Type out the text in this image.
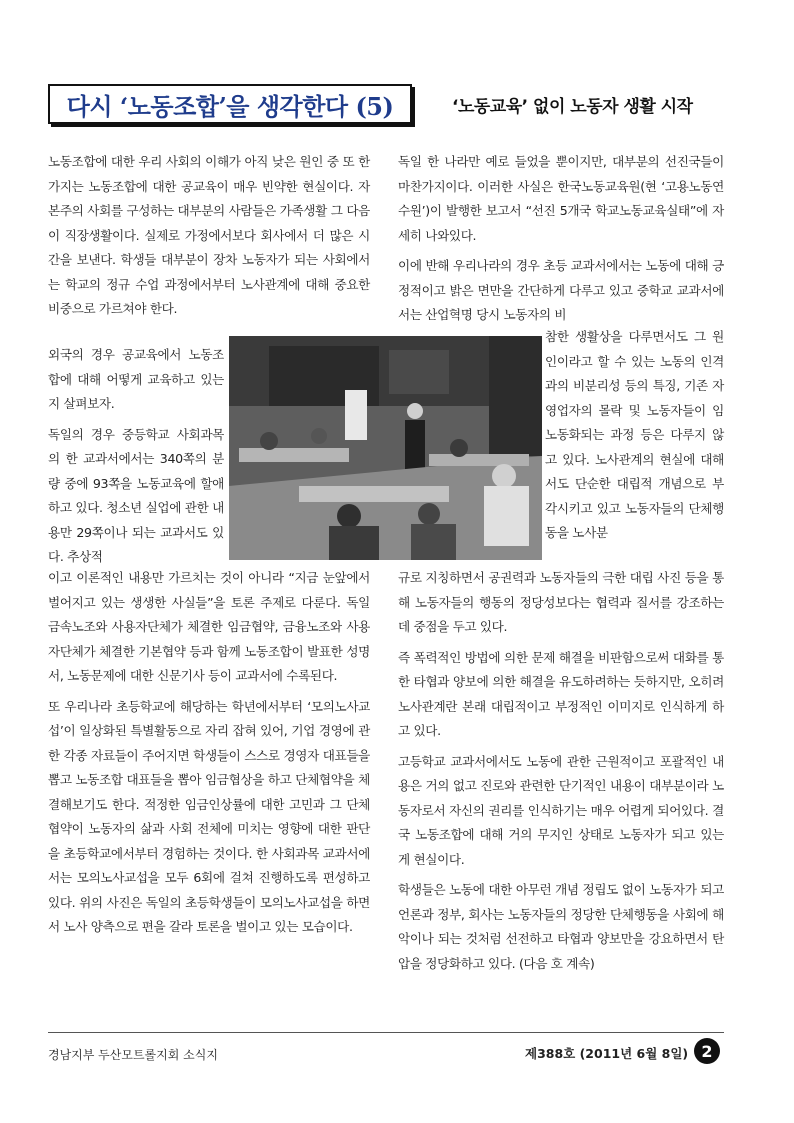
다시 ‘노동조합’을 생각한다 (5)	‘노동교육’ 없이 노동자 생활 시작

노동조합에 대한 우리 사회의 이해가 아직 낮은 원인 중 또 한 가지는 노동조합에 대한 공교육이 매우 빈약한 현실이다. 자본주의 사회를 구성하는 대부분의 사람들은 가족생활 그 다음이 직장생활이다. 실제로 가정에서보다 회사에서 더 많은 시간을 보낸다. 학생들 대부분이 장차 노동자가 되는 사회에서는 학교의 정규 수업 과정에서부터 노사관계에 대해 중요한 비중으로 가르쳐야 한다.

외국의 경우 공교육에서 노동조합에 대해 어떻게 교육하고 있는지 살펴보자.

독일의 경우 중등학교 사회과목의 한 교과서에서는 340쪽의 분량 중에 93쪽을 노동교육에 할애하고 있다. 청소년 실업에 관한 내용만 29쪽이나 되는 교과서도 있다. 추상적

이고 이론적인 내용만 가르치는 것이 아니라 “지금 눈앞에서 벌어지고 있는 생생한 사실들”을 토론 주제로 다룬다. 독일 금속노조와 사용자단체가 체결한 임금협약, 금융노조와 사용자단체가 체결한 기본협약 등과 함께 노동조합이 발표한 성명서, 노동문제에 대한 신문기사 등이 교과서에 수록된다.

또 우리나라 초등학교에 해당하는 학년에서부터 ‘모의노사교섭’이 일상화된 특별활동으로 자리 잡혀 있어, 기업 경영에 관한 각종 자료들이 주어지면 학생들이 스스로 경영자 대표들을 뽑고 노동조합 대표들을 뽑아 임금협상을 하고 단체협약을 체결해보기도 한다. 적정한 임금인상률에 대한 고민과 그 단체협약이 노동자의 삶과 사회 전체에 미치는 영향에 대한 판단을 초등학교에서부터 경험하는 것이다. 한 사회과목 교과서에서는 모의노사교섭을 모두 6회에 걸쳐 진행하도록 편성하고 있다. 위의 사진은 독일의 초등학생들이 모의노사교섭을 하면서 노사 양측으로 편을 갈라 토론을 벌이고 있는 모습이다.

독일 한 나라만 예로 들었을 뿐이지만, 대부분의 선진국들이 마찬가지이다. 이러한 사실은 한국노동교육원(현 ‘고용노동연수원’)이 발행한 보고서 “선진 5개국 학교노동교육실태”에 자세히 나와있다.

이에 반해 우리나라의 경우 초등 교과서에서는 노동에 대해 긍정적이고 밝은 면만을 간단하게 다루고 있고 중학교 교과서에서는 산업혁명 당시 노동자의 비

참한 생활상을 다루면서도 그 원인이라고 할 수 있는 노동의 인격과의 비분리성 등의 특징, 기존 자영업자의 몰락 및 노동자들이 임노동화되는 과정 등은 다루지 않고 있다. 노사관계의 현실에 대해서도 단순한 대립적 개념으로 부각시키고 있고 노동자들의 단체행동을 노사분

규로 지칭하면서 공권력과 노동자들의 극한 대립 사진 등을 통해 노동자들의 행동의 정당성보다는 협력과 질서를 강조하는 데 중점을 두고 있다.

즉 폭력적인 방법에 의한 문제 해결을 비판함으로써 대화를 통한 타협과 양보에 의한 해결을 유도하려하는 듯하지만, 오히려 노사관계란 본래 대립적이고 부정적인 이미지로 인식하게 하고 있다.

고등학교 교과서에서도 노동에 관한 근원적이고 포괄적인 내용은 거의 없고 진로와 관련한 단기적인 내용이 대부분이라 노동자로서 자신의 권리를 인식하기는 매우 어렵게 되어있다. 결국 노동조합에 대해 거의 무지인 상태로 노동자가 되고 있는 게 현실이다.

학생들은 노동에 대한 아무런 개념 정립도 없이 노동자가 되고 언론과 정부, 회사는 노동자들의 정당한 단체행동을 사회에 해악이나 되는 것처럼 선전하고 타협과 양보만을 강요하면서 탄압을 정당화하고 있다. (다음 호 계속)

경남지부 두산모트롤지회 소식지	제388호 (2011년 6월 8일) 2
